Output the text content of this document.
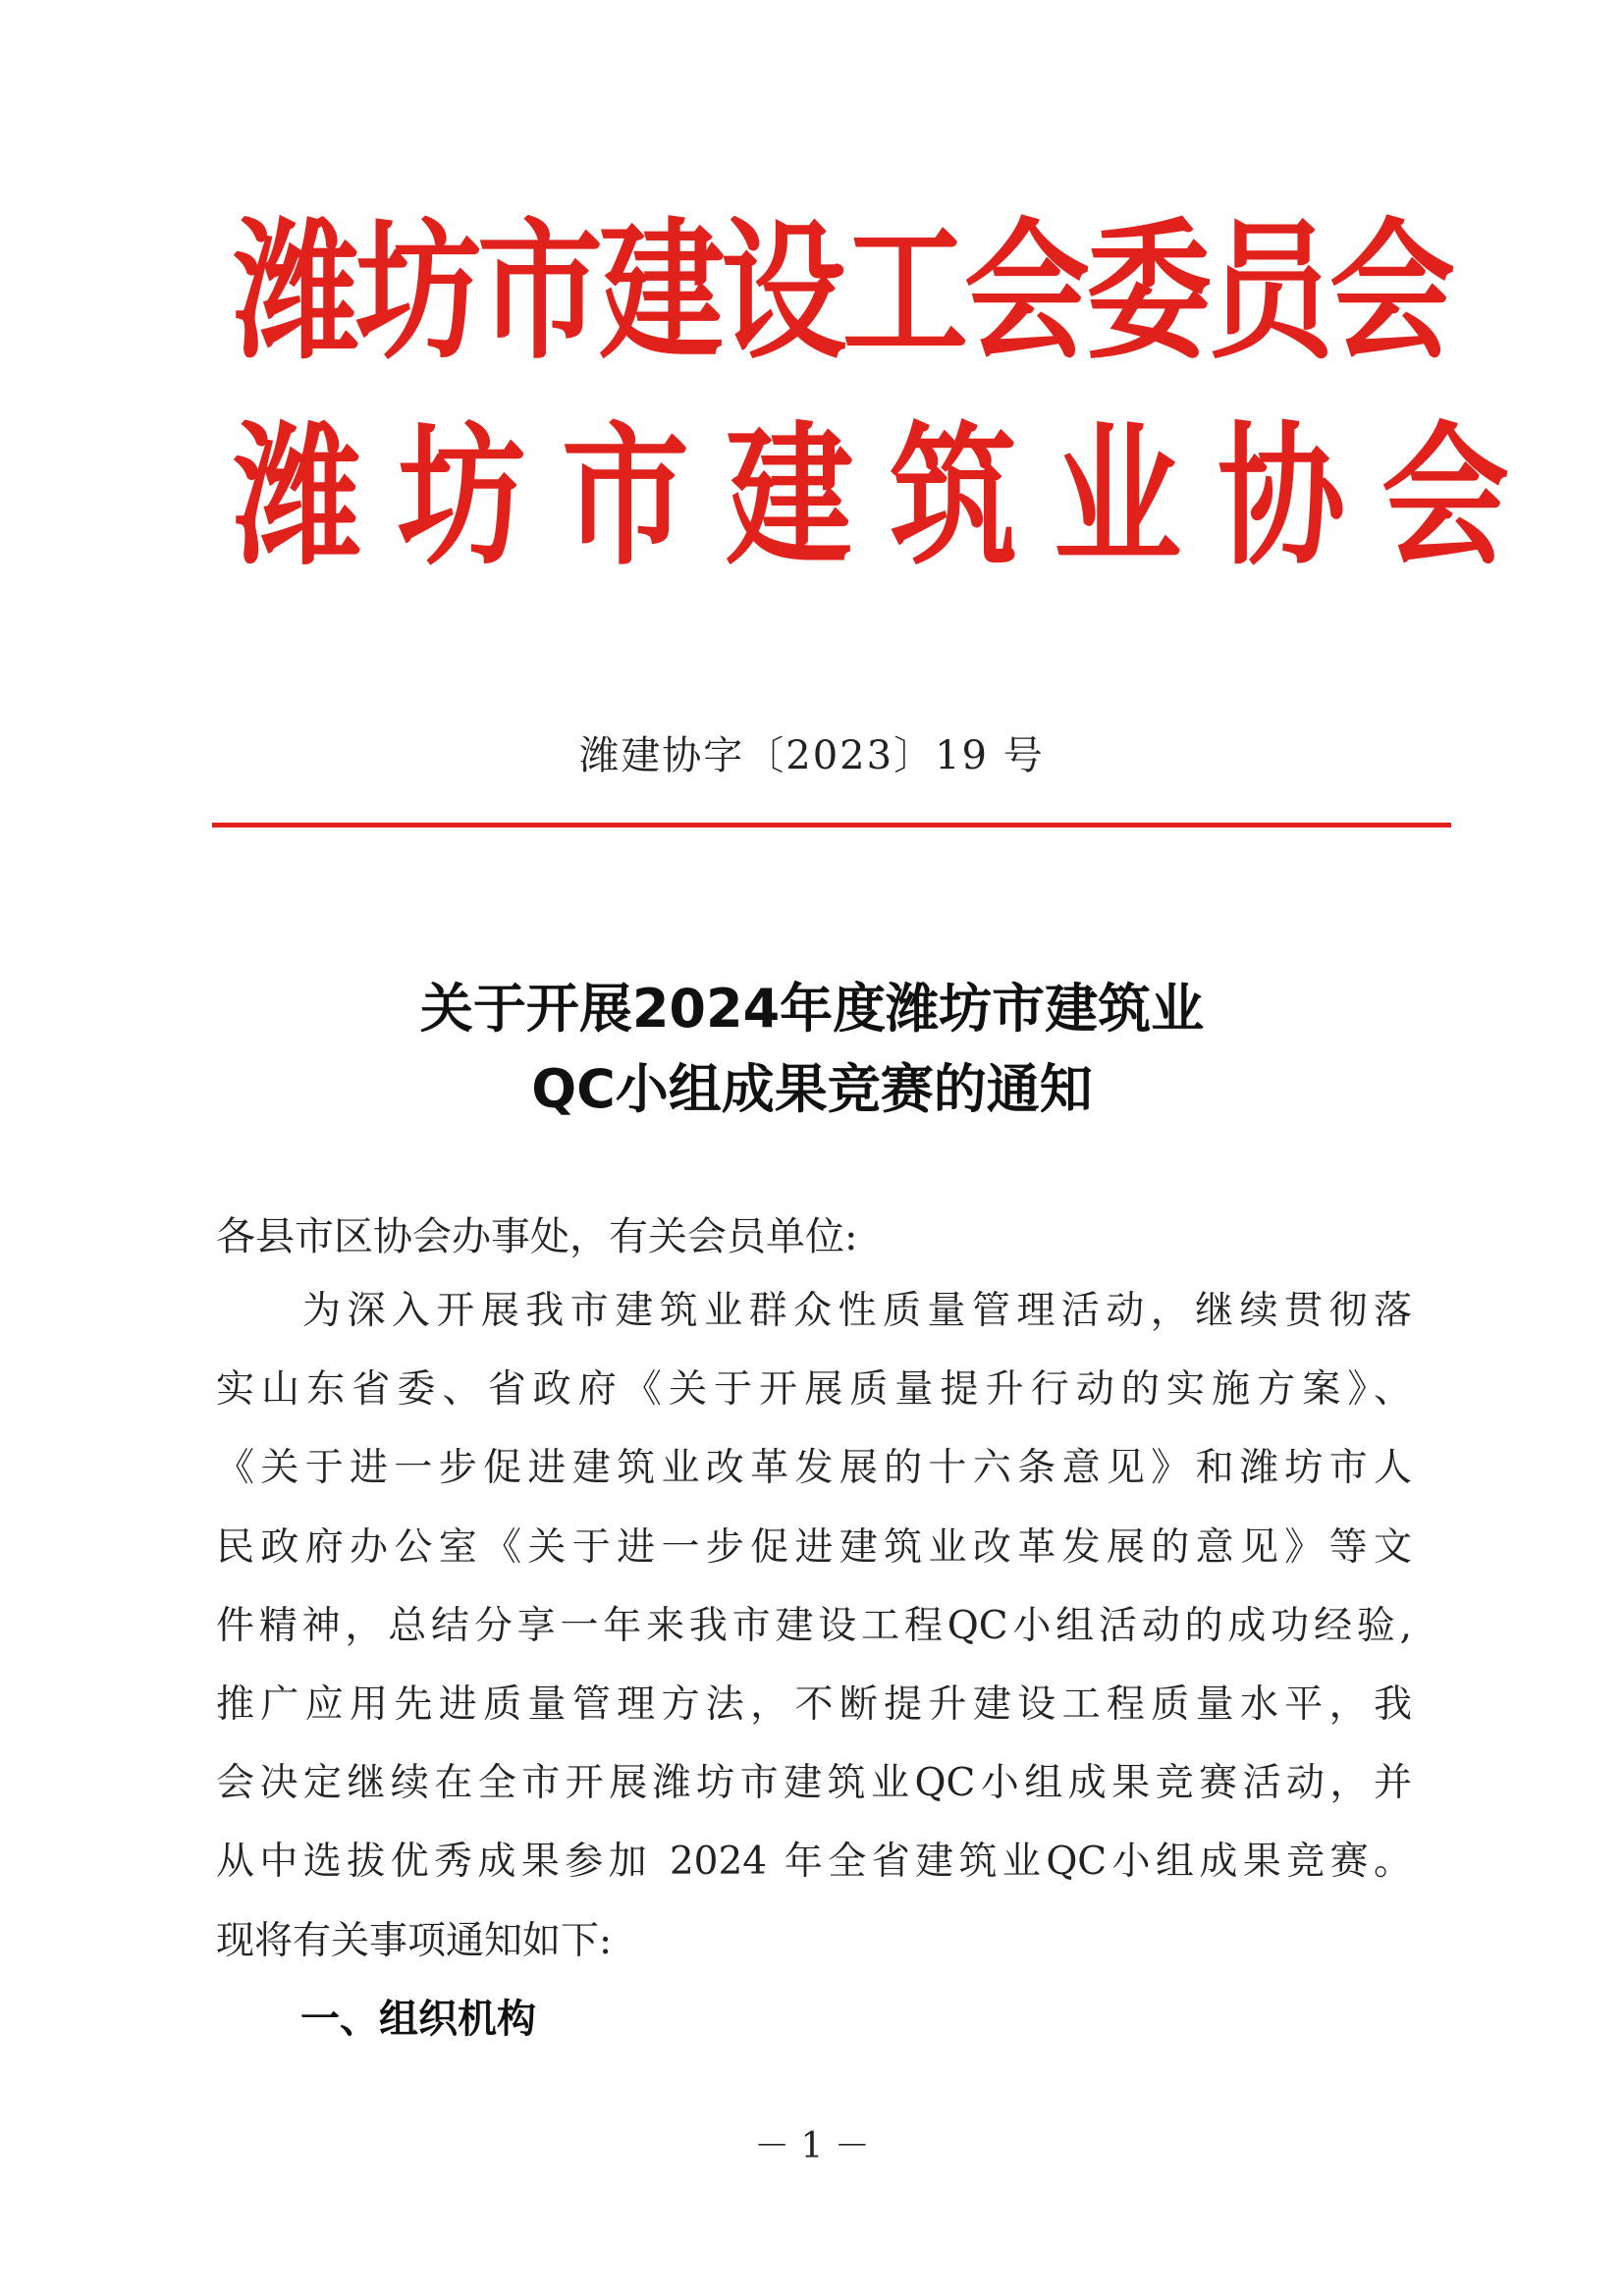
潍坊市建设工会委员会
潍坊市建筑业协会
潍建协字〔2023〕19 号
关于开展2024年度潍坊市建筑业
QC小组成果竞赛的通知
各县市区协会办事处，有关会员单位:
为深入开展我市建筑业群众性质量管理活动，继续贯彻落
实山东省委、省政府《关于开展质量提升行动的实施方案》、
《关于进一步促进建筑业改革发展的十六条意见》和潍坊市人
民政府办公室《关于进一步促进建筑业改革发展的意见》等文
件精神，总结分享一年来我市建设工程QC小组活动的成功经验,
推广应用先进质量管理方法，不断提升建设工程质量水平，我
会决定继续在全市开展潍坊市建筑业QC小组成果竞赛活动，并
从中选拔优秀成果参加 2024 年全省建筑业QC小组成果竞赛。
现将有关事项通知如下:
一、组织机构
－ 1 －
